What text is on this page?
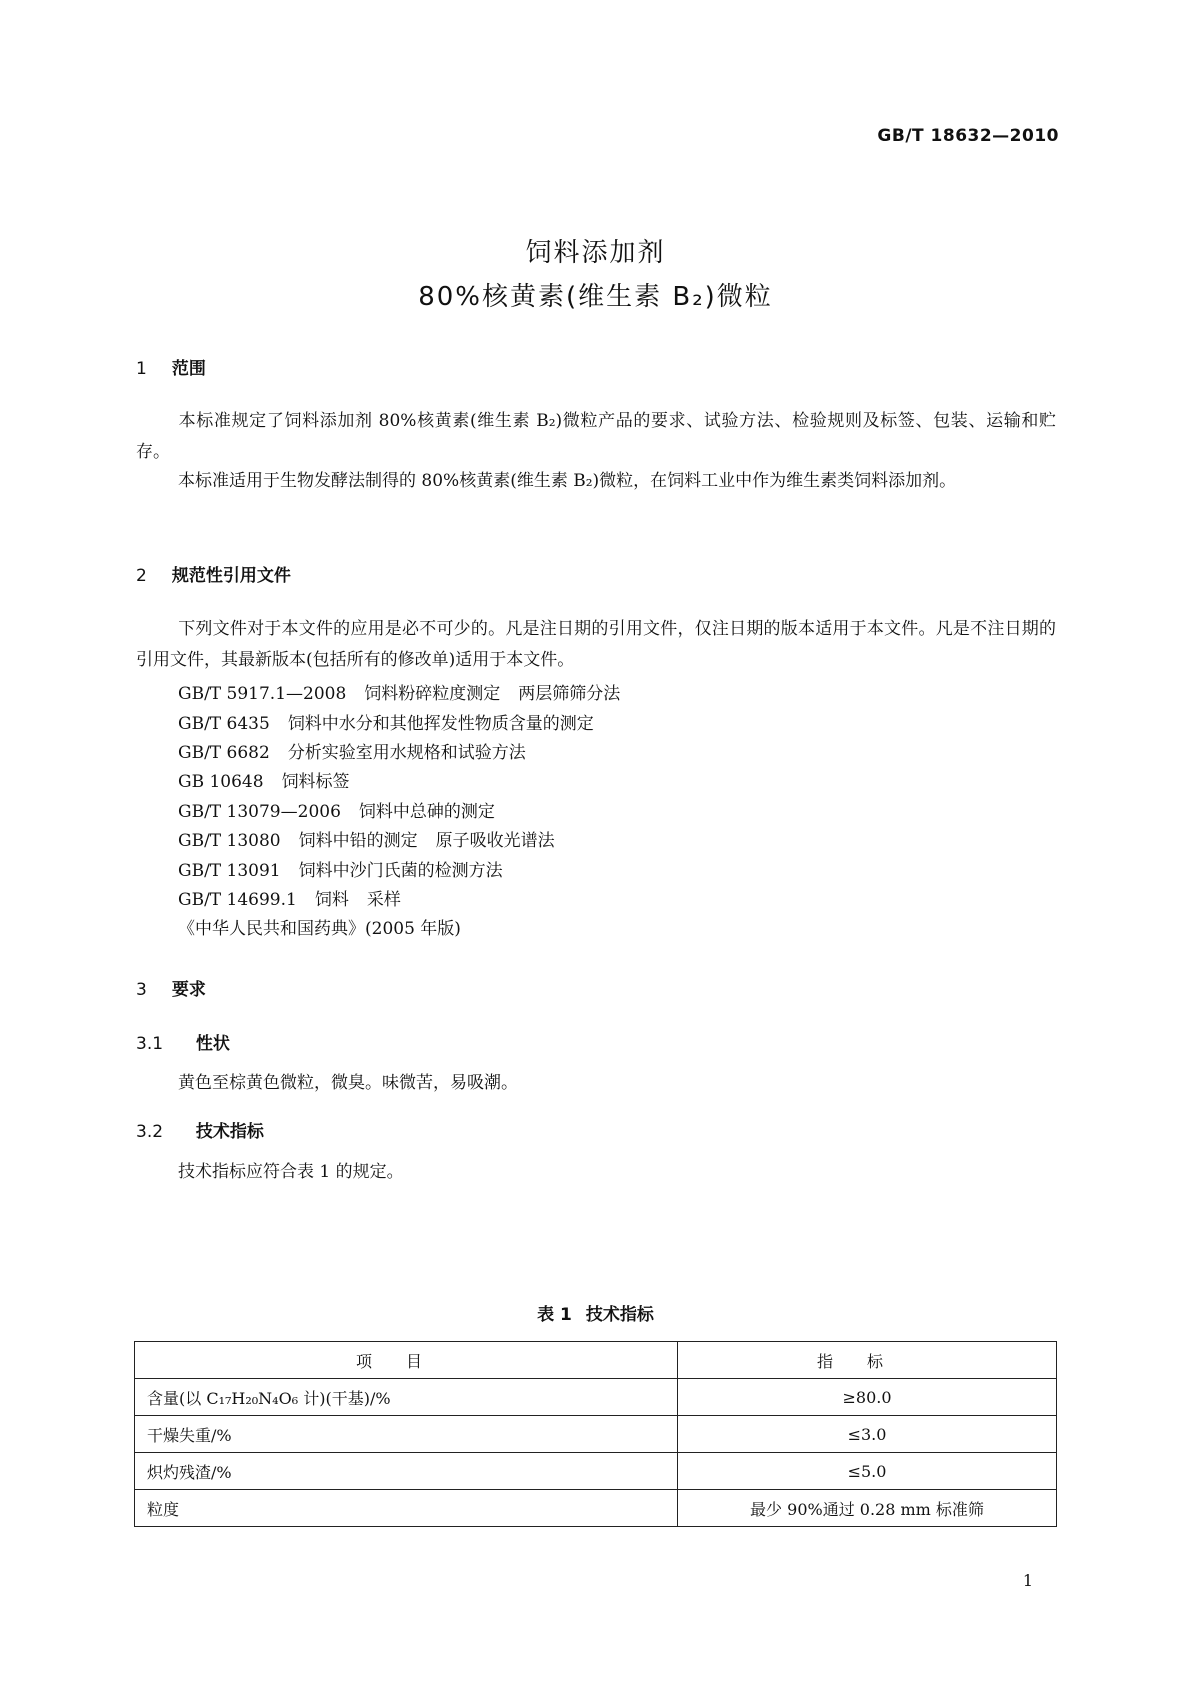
GB/T 18632—2010
饲料添加剂
80%核黄素(维生素 B₂)微粒
1 范围
本标准规定了饲料添加剂 80%核黄素(维生素 B₂)微粒产品的要求、试验方法、检验规则及标签、包装、运输和贮存。
本标准适用于生物发酵法制得的 80%核黄素(维生素 B₂)微粒，在饲料工业中作为维生素类饲料添加剂。
2 规范性引用文件
下列文件对于本文件的应用是必不可少的。凡是注日期的引用文件，仅注日期的版本适用于本文件。凡是不注日期的引用文件，其最新版本(包括所有的修改单)适用于本文件。
GB/T 5917.1—2008 饲料粉碎粒度测定 两层筛筛分法
GB/T 6435 饲料中水分和其他挥发性物质含量的测定
GB/T 6682 分析实验室用水规格和试验方法
GB 10648 饲料标签
GB/T 13079—2006 饲料中总砷的测定
GB/T 13080 饲料中铅的测定 原子吸收光谱法
GB/T 13091 饲料中沙门氏菌的检测方法
GB/T 14699.1 饲料 采样
《中华人民共和国药典》(2005 年版)
3 要求
3.1 性状
黄色至棕黄色微粒，微臭。味微苦，易吸潮。
3.2 技术指标
技术指标应符合表 1 的规定。
表 1 技术指标
项目	指标
含量(以 C₁₇H₂₀N₄O₆ 计)(干基)/%	≥80.0
干燥失重/%	≤3.0
炽灼残渣/%	≤5.0
粒度	最少 90%通过 0.28 mm 标准筛
1
